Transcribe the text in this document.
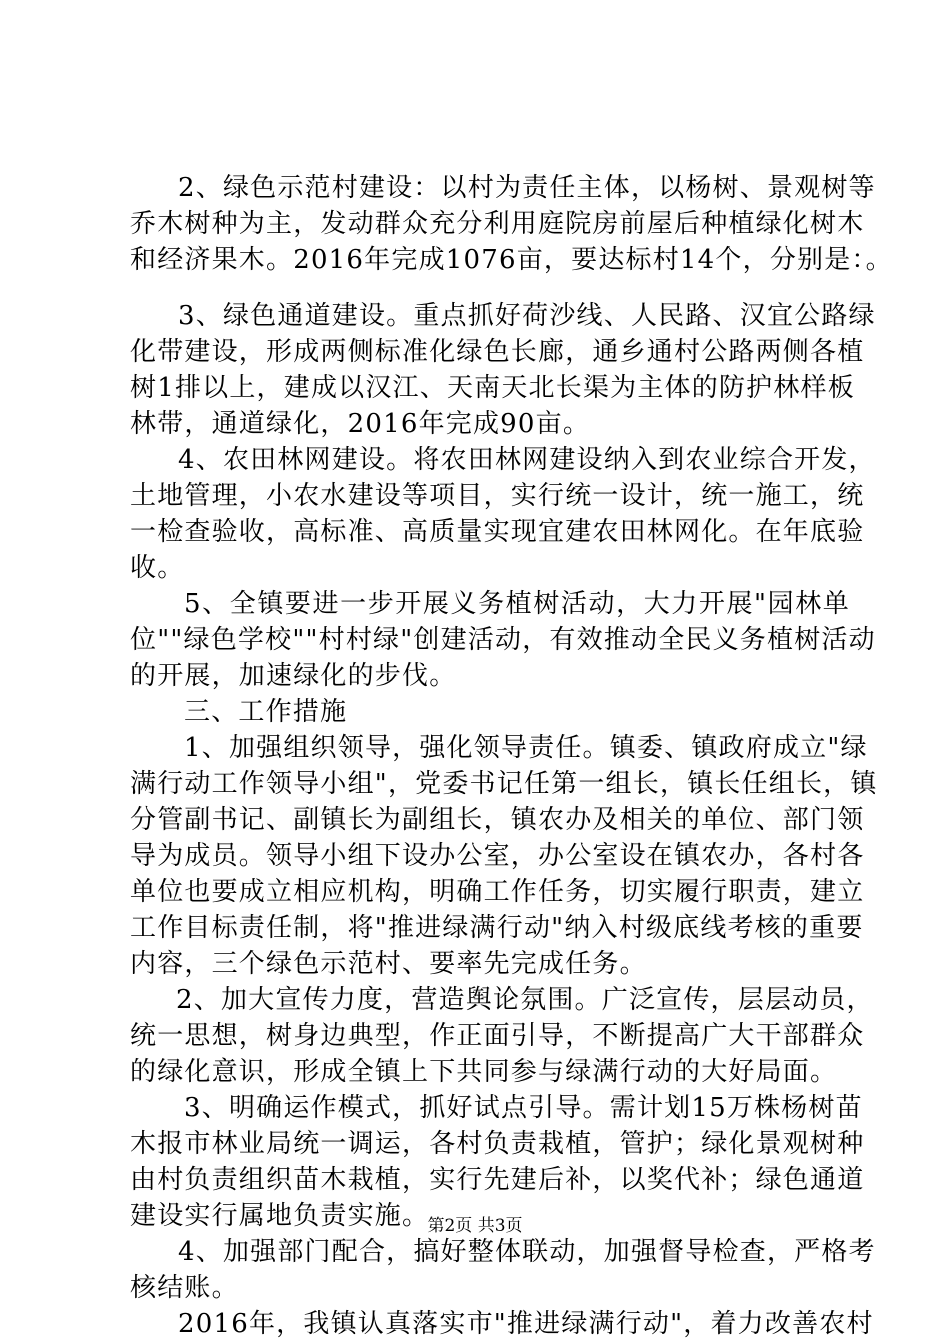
2、绿色示范村建设：以村为责任主体，以杨树、景观树等
乔木树种为主，发动群众充分利用庭院房前屋后种植绿化树木
和经济果木。2016年完成1076亩，要达标村14个，分别是：。
3、绿色通道建设。重点抓好荷沙线、人民路、汉宜公路绿
化带建设，形成两侧标准化绿色长廊，通乡通村公路两侧各植
树1排以上，建成以汉江、天南天北长渠为主体的防护林样板
林带，通道绿化，2016年完成90亩。
4、农田林网建设。将农田林网建设纳入到农业综合开发，
土地管理，小农水建设等项目，实行统一设计，统一施工，统
一检查验收，高标准、高质量实现宜建农田林网化。在年底验
收。
5、全镇要进一步开展义务植树活动，大力开展"园林单
位""绿色学校""村村绿"创建活动，有效推动全民义务植树活动
的开展，加速绿化的步伐。
三、工作措施
1、加强组织领导，强化领导责任。镇委、镇政府成立"绿
满行动工作领导小组"，党委书记任第一组长，镇长任组长，镇
分管副书记、副镇长为副组长，镇农办及相关的单位、部门领
导为成员。领导小组下设办公室，办公室设在镇农办，各村各
单位也要成立相应机构，明确工作任务，切实履行职责，建立
工作目标责任制，将"推进绿满行动"纳入村级底线考核的重要
内容，三个绿色示范村、要率先完成任务。
2、加大宣传力度，营造舆论氛围。广泛宣传，层层动员，
统一思想，树身边典型，作正面引导，不断提高广大干部群众
的绿化意识，形成全镇上下共同参与绿满行动的大好局面。
3、明确运作模式，抓好试点引导。需计划15万株杨树苗
木报市林业局统一调运，各村负责栽植，管护；绿化景观树种
由村负责组织苗木栽植，实行先建后补，以奖代补；绿色通道
建设实行属地负责实施。
4、加强部门配合，搞好整体联动，加强督导检查，严格考
核结账。
2016年，我镇认真落实市"推进绿满行动"，着力改善农村
第2页 共3页
